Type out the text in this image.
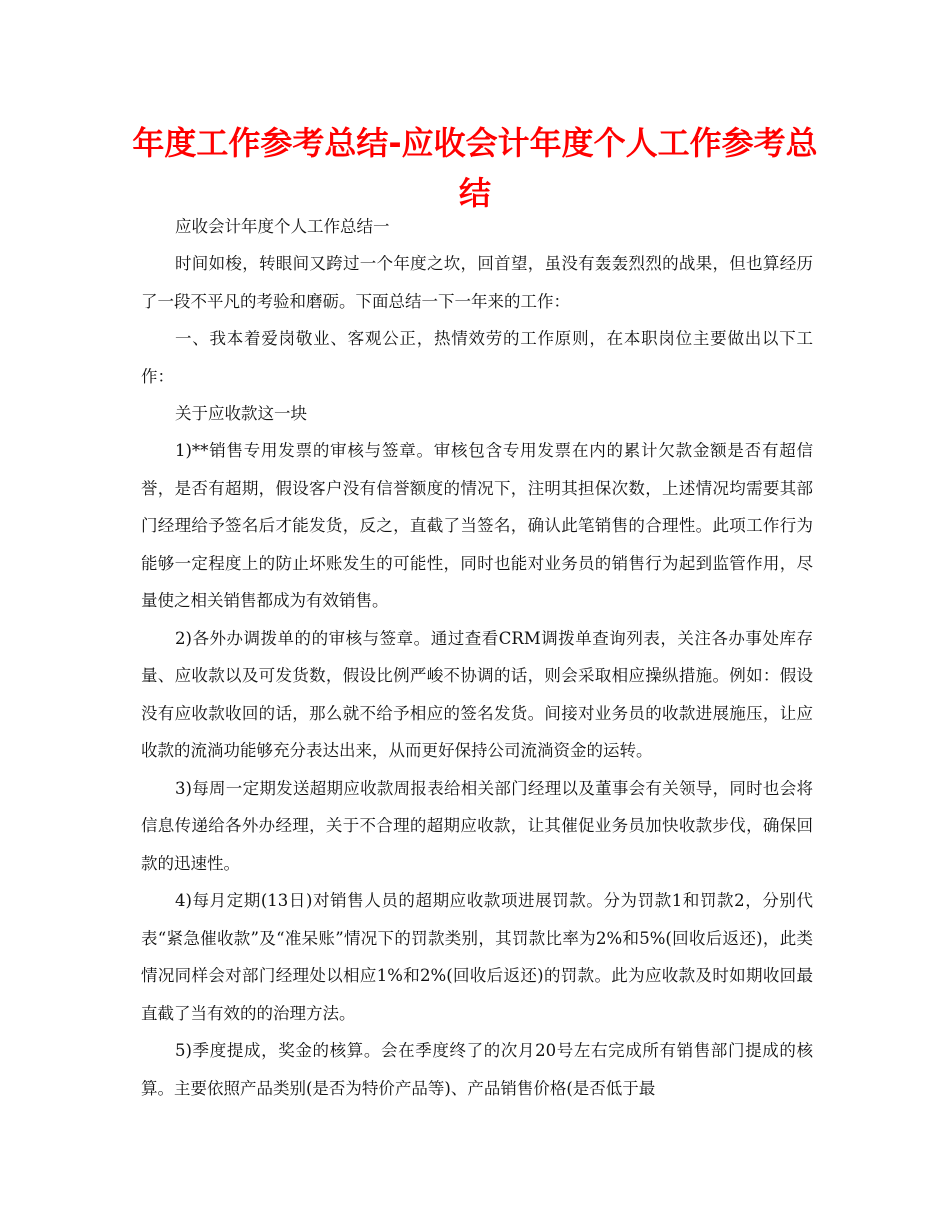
年度工作参考总结-应收会计年度个人工作参考总结

应收会计年度个人工作总结一

时间如梭，转眼间又跨过一个年度之坎，回首望，虽没有轰轰烈烈的战果，但也算经历了一段不平凡的考验和磨砺。下面总结一下一年来的工作：

一、我本着爱岗敬业、客观公正，热情效劳的工作原则，在本职岗位主要做出以下工作：

关于应收款这一块

1)**销售专用发票的审核与签章。审核包含专用发票在内的累计欠款金额是否有超信誉，是否有超期，假设客户没有信誉额度的情况下，注明其担保次数，上述情况均需要其部门经理给予签名后才能发货，反之，直截了当签名，确认此笔销售的合理性。此项工作行为能够一定程度上的防止坏账发生的可能性，同时也能对业务员的销售行为起到监管作用，尽量使之相关销售都成为有效销售。

2)各外办调拨单的的审核与签章。通过查看CRM调拨单查询列表，关注各办事处库存量、应收款以及可发货数，假设比例严峻不协调的话，则会采取相应操纵措施。例如：假设没有应收款收回的话，那么就不给予相应的签名发货。间接对业务员的收款进展施压，让应收款的流淌功能够充分表达出来，从而更好保持公司流淌资金的运转。

3)每周一定期发送超期应收款周报表给相关部门经理以及董事会有关领导，同时也会将信息传递给各外办经理，关于不合理的超期应收款，让其催促业务员加快收款步伐，确保回款的迅速性。

4)每月定期(13日)对销售人员的超期应收款项进展罚款。分为罚款1和罚款2，分别代表“紧急催收款”及“准呆账”情况下的罚款类别，其罚款比率为2%和5%(回收后返还)，此类情况同样会对部门经理处以相应1%和2%(回收后返还)的罚款。此为应收款及时如期收回最直截了当有效的的治理方法。

5)季度提成，奖金的核算。会在季度终了的次月20号左右完成所有销售部门提成的核算。主要依照产品类别(是否为特价产品等)、产品销售价格(是否低于最
